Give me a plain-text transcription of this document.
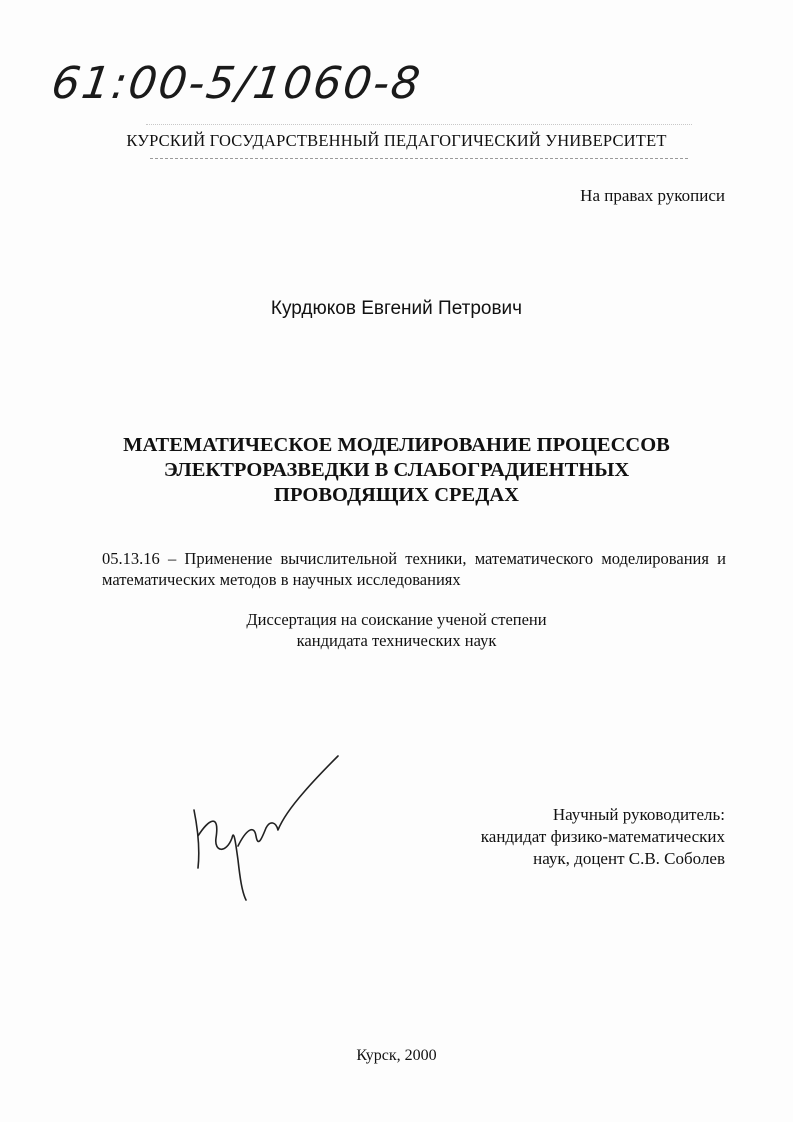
61:00-5/1060-8
КУРСКИЙ ГОСУДАРСТВЕННЫЙ ПЕДАГОГИЧЕСКИЙ УНИВЕРСИТЕТ
На правах рукописи
Курдюков Евгений Петрович
МАТЕМАТИЧЕСКОЕ МОДЕЛИРОВАНИЕ ПРОЦЕССОВ
ЭЛЕКТРОРАЗВЕДКИ В СЛАБОГРАДИЕНТНЫХ
ПРОВОДЯЩИХ СРЕДАХ
05.13.16 – Применение вычислительной техники, математического моделирования и математических методов в научных исследованиях
Диссертация на соискание ученой степени
кандидата технических наук
Научный руководитель:
кандидат физико-математических
наук, доцент С.В. Соболев
Курск, 2000
